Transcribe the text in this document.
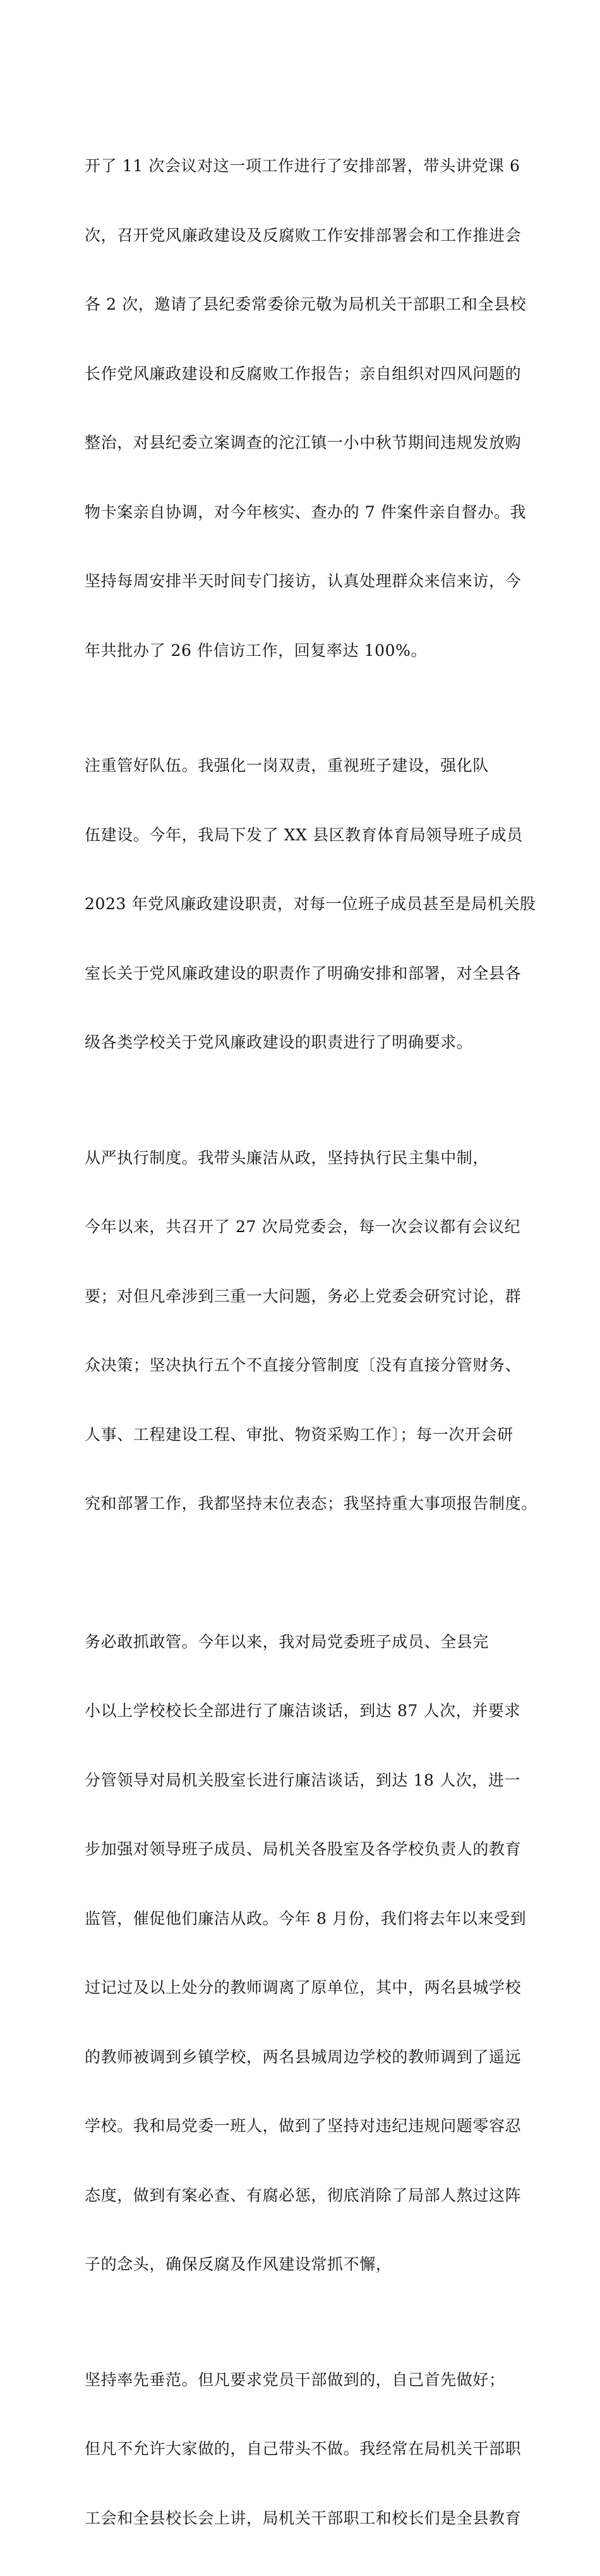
开了 11 次会议对这一项工作进行了安排部署，带头讲党课 6

次，召开党风廉政建设及反腐败工作安排部署会和工作推进会

各 2 次，邀请了县纪委常委徐元敬为局机关干部职工和全县校

长作党风廉政建设和反腐败工作报告；亲自组织对四风问题的

整治，对县纪委立案调查的沱江镇一小中秋节期间违规发放购

物卡案亲自协调，对今年核实、查办的 7 件案件亲自督办。我

坚持每周安排半天时间专门接访，认真处理群众来信来访，今

年共批办了 26 件信访工作，回复率达 100%。

注重管好队伍。我强化一岗双责，重视班子建设，强化队

伍建设。今年，我局下发了 XX 县区教育体育局领导班子成员

2023 年党风廉政建设职责，对每一位班子成员甚至是局机关股

室长关于党风廉政建设的职责作了明确安排和部署，对全县各

级各类学校关于党风廉政建设的职责进行了明确要求。

从严执行制度。我带头廉洁从政，坚持执行民主集中制，

今年以来，共召开了 27 次局党委会，每一次会议都有会议纪

要；对但凡牵涉到三重一大问题，务必上党委会研究讨论，群

众决策；坚决执行五个不直接分管制度〔没有直接分管财务、

人事、工程建设工程、审批、物资采购工作〕；每一次开会研

究和部署工作，我都坚持末位表态；我坚持重大事项报告制度。

务必敢抓敢管。今年以来，我对局党委班子成员、全县完

小以上学校校长全部进行了廉洁谈话，到达 87 人次，并要求

分管领导对局机关股室长进行廉洁谈话，到达 18 人次，进一

步加强对领导班子成员、局机关各股室及各学校负责人的教育

监管，催促他们廉洁从政。今年 8 月份，我们将去年以来受到

过记过及以上处分的教师调离了原单位，其中，两名县城学校

的教师被调到乡镇学校，两名县城周边学校的教师调到了遥远

学校。我和局党委一班人，做到了坚持对违纪违规问题零容忍

态度，做到有案必查、有腐必惩，彻底消除了局部人熬过这阵

子的念头，确保反腐及作风建设常抓不懈，

坚持率先垂范。但凡要求党员干部做到的，自己首先做好；

但凡不允许大家做的，自己带头不做。我经常在局机关干部职

工会和全县校长会上讲，局机关干部职工和校长们是全县教育
